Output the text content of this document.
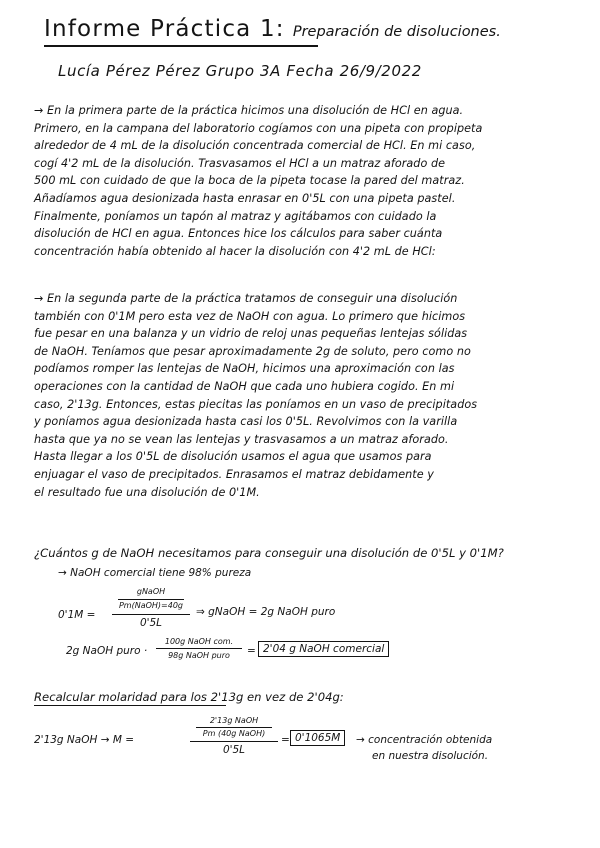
Informe Práctica 1: Preparación de disoluciones.
Lucía Pérez Pérez Grupo 3A Fecha 26/9/2022
→ En la primera parte de la práctica hicimos una disolución de HCl en agua.
Primero, en la campana del laboratorio cogíamos con una pipeta con propipeta
alrededor de 4 mL de la disolución concentrada comercial de HCl. En mi caso,
cogí 4'2 mL de la disolución. Trasvasamos el HCl a un matraz aforado de
500 mL con cuidado de que la boca de la pipeta tocase la pared del matraz.
Añadíamos agua desionizada hasta enrasar en 0'5L con una pipeta pastel.
Finalmente, poníamos un tapón al matraz y agitábamos con cuidado la
disolución de HCl en agua. Entonces hice los cálculos para saber cuánta
concentración había obtenido al hacer la disolución con 4'2 mL de HCl:
→ En la segunda parte de la práctica tratamos de conseguir una disolución
también con 0'1M pero esta vez de NaOH con agua. Lo primero que hicimos
fue pesar en una balanza y un vidrio de reloj unas pequeñas lentejas sólidas
de NaOH. Teníamos que pesar aproximadamente 2g de soluto, pero como no
podíamos romper las lentejas de NaOH, hicimos una aproximación con las
operaciones con la cantidad de NaOH que cada uno hubiera cogido. En mi
caso, 2'13g. Entonces, estas piecitas las poníamos en un vaso de precipitados
y poníamos agua desionizada hasta casi los 0'5L. Revolvimos con la varilla
hasta que ya no se vean las lentejas y trasvasamos a un matraz aforado.
Hasta llegar a los 0'5L de disolución usamos el agua que usamos para
enjuagar el vaso de precipitados. Enrasamos el matraz debidamente y
el resultado fue una disolución de 0'1M.
¿Cuántos g de NaOH necesitamos para conseguir una disolución de 0'5L y 0'1M?
→ NaOH comercial tiene 98% pureza
0'1M =
gNaOH
Pm(NaOH)=40g
0'5L
⇒ gNaOH = 2g NaOH puro
2g NaOH puro ·
100g NaOH com.
98g NaOH puro	= 2'04 g NaOH comercial
Recalcular molaridad para los 2'13g en vez de 2'04g:
2'13g NaOH → M =
2'13g NaOH
Pm (40g NaOH)
0'5L
= 0'1065M	→ concentración obtenida
en nuestra disolución.
